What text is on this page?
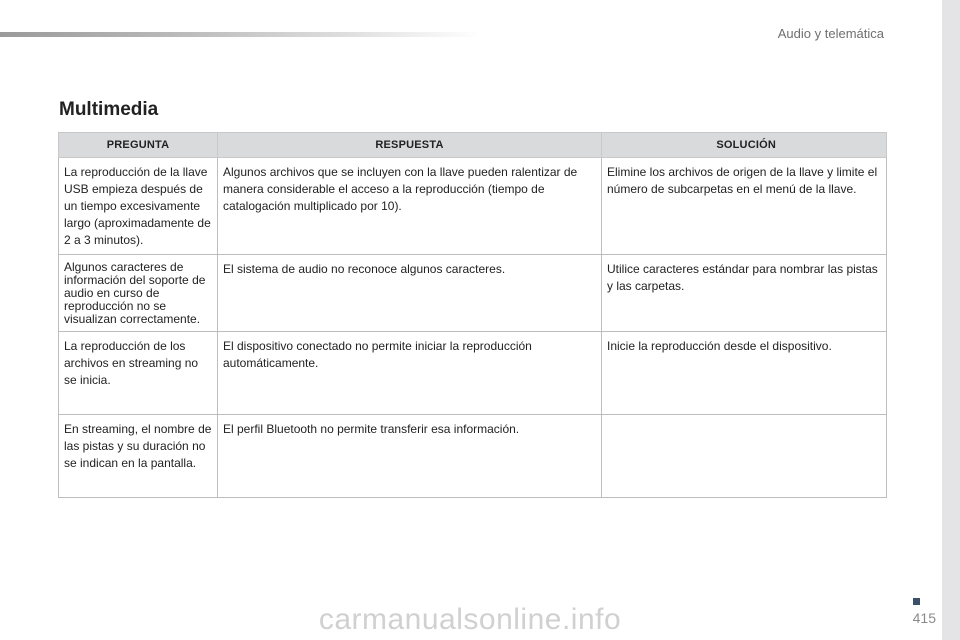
Audio y telemática
Multimedia
PREGUNTA	RESPUESTA	SOLUCIÓN
La reproducción de la llave USB empieza después de un tiempo excesivamente largo (aproximadamente de 2 a 3 minutos).	Algunos archivos que se incluyen con la llave pueden ralentizar de manera considerable el acceso a la reproducción (tiempo de catalogación multiplicado por 10).	Elimine los archivos de origen de la llave y limite el número de subcarpetas en el menú de la llave.
Algunos caracteres de información del soporte de audio en curso de reproducción no se visualizan correctamente.	El sistema de audio no reconoce algunos caracteres.	Utilice caracteres estándar para nombrar las pistas y las carpetas.
La reproducción de los archivos en streaming no se inicia.	El dispositivo conectado no permite iniciar la reproducción automáticamente.	Inicie la reproducción desde el dispositivo.
En streaming, el nombre de las pistas y su duración no se indican en la pantalla.	El perfil Bluetooth no permite transferir esa información.	
415
carmanualsonline.info
